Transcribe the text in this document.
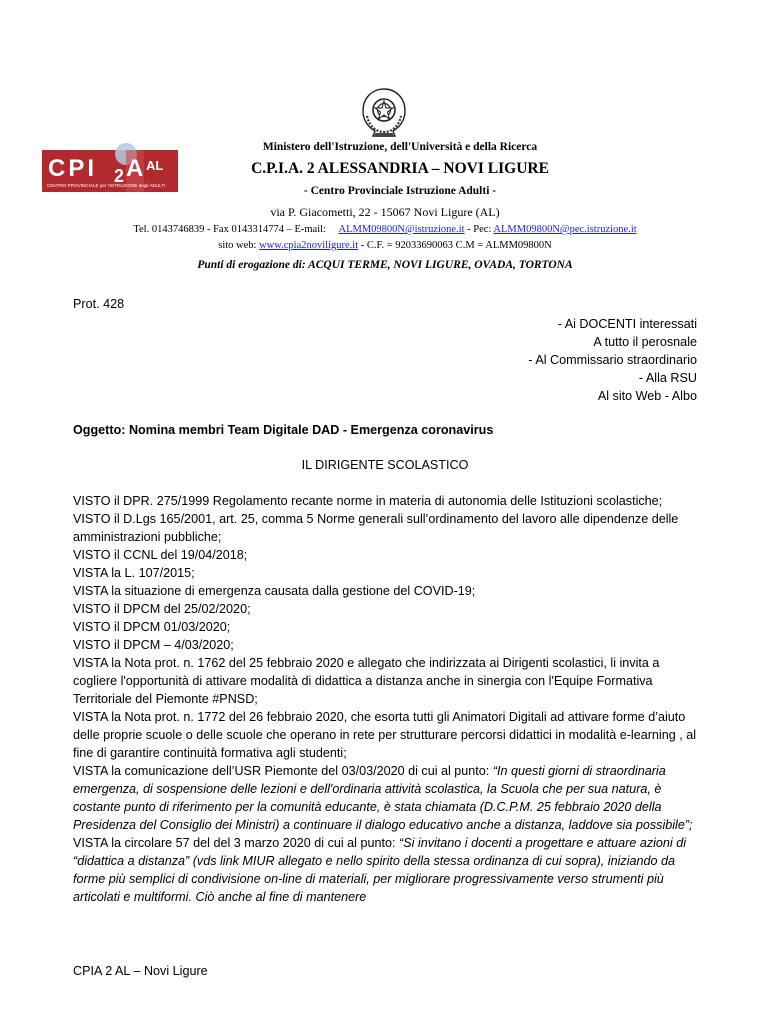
CPI 2 A AL
CENTRO PROVINCIALE per l'ISTRUZIONE degli ADULTI
Ministero dell'Istruzione, dell'Università e della Ricerca
C.P.I.A. 2 ALESSANDRIA – NOVI LIGURE
- Centro Provinciale Istruzione Adulti -
via P. Giacometti, 22 - 15067 Novi Ligure (AL)
Tel. 0143746839 - Fax 0143314774 – E-mail: ALMM09800N@istruzione.it - Pec: ALMM09800N@pec.istruzione.it
sito web: www.cpia2noviligure.it - C.F. = 92033690063 C.M = ALMM09800N
Punti di erogazione di: ACQUI TERME, NOVI LIGURE, OVADA, TORTONA
Prot. 428
- Ai DOCENTI interessati
A tutto il perosnale
- Al Commissario straordinario
- Alla RSU
Al sito Web - Albo
Oggetto: Nomina membri Team Digitale DAD - Emergenza coronavirus
IL DIRIGENTE SCOLASTICO

VISTO il DPR. 275/1999 Regolamento recante norme in materia di autonomia delle Istituzioni scolastiche;

VISTO il D.Lgs 165/2001, art. 25, comma 5 Norme generali sull’ordinamento del lavoro alle dipendenze delle amministrazioni pubbliche;

VISTO il CCNL del 19/04/2018;

VISTA la L. 107/2015;

VISTA la situazione di emergenza causata dalla gestione del COVID-19;

VISTO il DPCM del 25/02/2020;

VISTO il DPCM 01/03/2020;

VISTO il DPCM – 4/03/2020;

VISTA la Nota prot. n. 1762 del 25 febbraio 2020 e allegato che indirizzata ai Dirigenti scolastici, li invita a cogliere l'opportunità di attivare modalità di didattica a distanza anche in sinergia con l'Equipe Formativa Territoriale del Piemonte #PNSD;

VISTA la Nota prot. n. 1772 del 26 febbraio 2020, che esorta tutti gli Animatori Digitali ad attivare forme d’aiuto delle proprie scuole o delle scuole che operano in rete per strutturare percorsi didattici in modalità e-learning , al fine di garantire continuità formativa agli studenti;

VISTA la comunicazione dell’USR Piemonte del 03/03/2020 di cui al punto: “In questi giorni di straordinaria emergenza, di sospensione delle lezioni e dell'ordinaria attività scolastica, la Scuola che per sua natura, è costante punto di riferimento per la comunità educante, è stata chiamata (D.C.P.M. 25 febbraio 2020 della Presidenza del Consiglio dei Ministri) a continuare il dialogo educativo anche a distanza, laddove sia possibile”;

VISTA la circolare 57 del del 3 marzo 2020 di cui al punto: “Si invitano i docenti a progettare e attuare azioni di “didattica a distanza” (vds link MIUR allegato e nello spirito della stessa ordinanza di cui sopra), iniziando da forme più semplici di condivisione on-line di materiali, per migliorare progressivamente verso strumenti più articolati e multiformi. Ciò anche al fine di mantenere

CPIA 2 AL – Novi Ligure
